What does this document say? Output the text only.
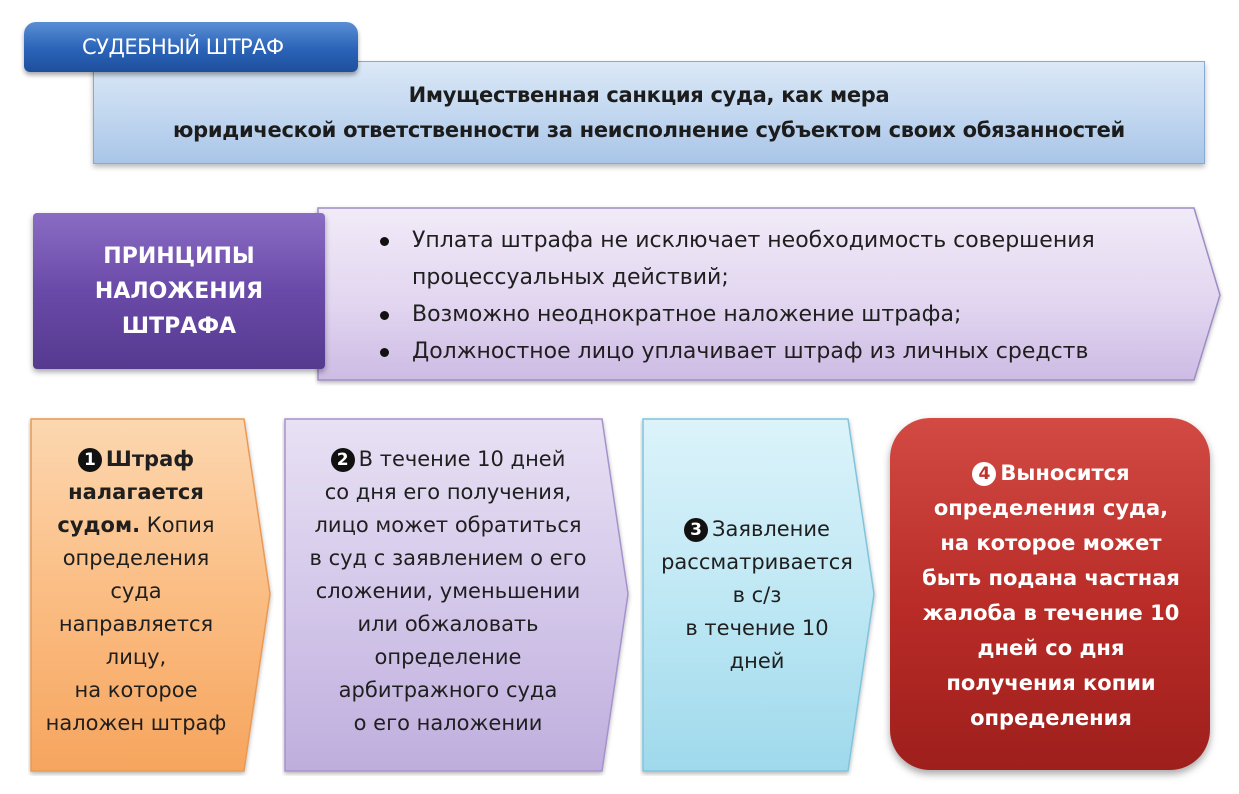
Имущественная санкция суда, как мера
юридической ответственности за неисполнение субъектом своих обязанностей
СУДЕБНЫЙ ШТРАФ
ПРИНЦИПЫ
НАЛОЖЕНИЯ
ШТРАФА
Уплата штрафа не исключает необходимость совершения процессуальных действий;
Возможно неоднократное наложение штрафа;
Должностное лицо уплачивает штраф из личных средств
1 Штраф
налагается
судом. Копия
определения
суда
направляется
лицу,
на которое
наложен штраф
2 В течение 10 дней
со дня его получения,
лицо может обратиться
в суд с заявлением о его
сложении, уменьшении
или обжаловать
определение
арбитражного суда
о его наложении
3 Заявление
рассматривается
в с/з
в течение 10
дней
4 Выносится
определения суда,
на которое может
быть подана частная
жалоба в течение 10
дней со дня
получения копии
определения
